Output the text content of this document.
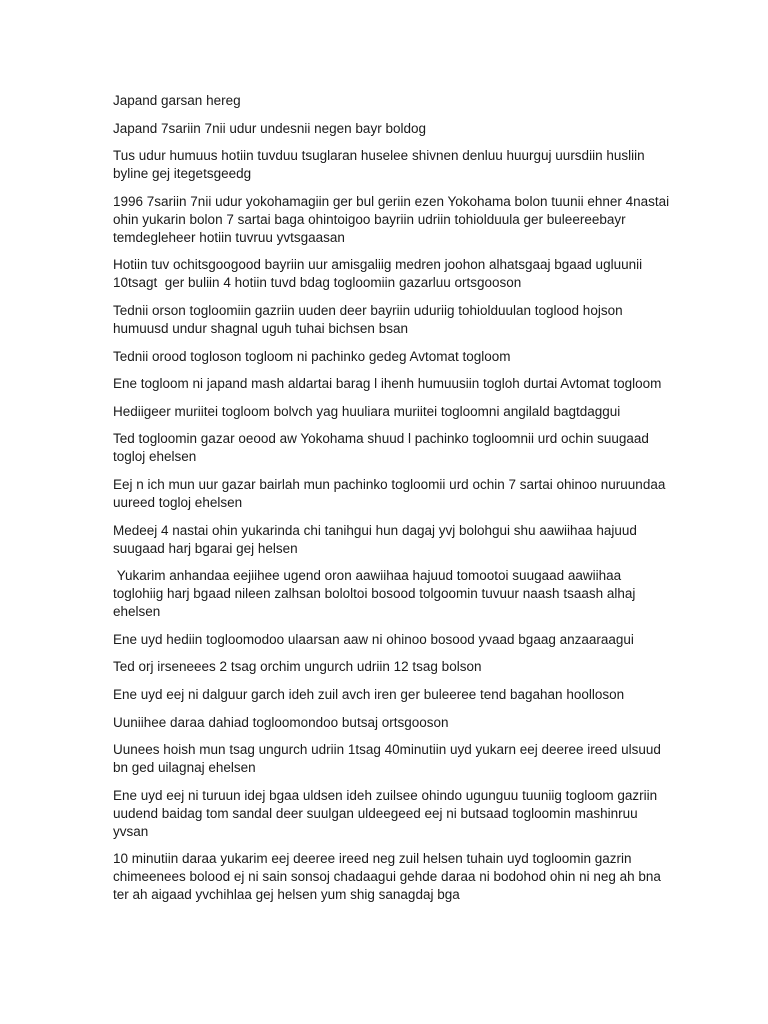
Japand garsan hereg

Japand 7sariin 7nii udur undesnii negen bayr boldog

Tus udur humuus hotiin tuvduu tsuglaran huselee shivnen denluu huurguj uursdiin husliin byline gej itegetsgeedg

1996 7sariin 7nii udur yokohamagiin ger bul geriin ezen Yokohama bolon tuunii ehner 4nastai ohin yukarin bolon 7 sartai baga ohintoigoo bayriin udriin tohiolduula ger buleereebayr temdegleheer hotiin tuvruu yvtsgaasan

Hotiin tuv ochitsgoogood bayriin uur amisgaliig medren joohon alhatsgaaj bgaad ugluunii 10tsagt  ger buliin 4 hotiin tuvd bdag togloomiin gazarluu ortsgooson

Tednii orson togloomiin gazriin uuden deer bayriin uduriig tohiolduulan toglood hojson humuusd undur shagnal uguh tuhai bichsen bsan

Tednii orood togloson togloom ni pachinko gedeg Avtomat togloom

Ene togloom ni japand mash aldartai barag l ihenh humuusiin togloh durtai Avtomat togloom

Hediigeer muriitei togloom bolvch yag huuliara muriitei togloomni angilald bagtdaggui

Ted togloomin gazar oeood aw Yokohama shuud l pachinko togloomnii urd ochin suugaad togloj ehelsen

Eej n ich mun uur gazar bairlah mun pachinko togloomii urd ochin 7 sartai ohinoo nuruundaa uureed togloj ehelsen

Medeej 4 nastai ohin yukarinda chi tanihgui hun dagaj yvj bolohgui shu aawiihaa hajuud suugaad harj bgarai gej helsen

Yukarim anhandaa eejiihee ugend oron aawiihaa hajuud tomootoi suugaad aawiihaa toglohiig harj bgaad nileen zalhsan bololtoi bosood tolgoomin tuvuur naash tsaash alhaj ehelsen

Ene uyd hediin togloomodoo ulaarsan aaw ni ohinoo bosood yvaad bgaag anzaaraagui

Ted orj irseneees 2 tsag orchim ungurch udriin 12 tsag bolson

Ene uyd eej ni dalguur garch ideh zuil avch iren ger buleeree tend bagahan hoolloson

Uuniihee daraa dahiad togloomondoo butsaj ortsgooson

Uunees hoish mun tsag ungurch udriin 1tsag 40minutiin uyd yukarn eej deeree ireed ulsuud bn ged uilagnaj ehelsen

Ene uyd eej ni turuun idej bgaa uldsen ideh zuilsee ohindo ugunguu tuuniig togloom gazriin uudend baidag tom sandal deer suulgan uldeegeed eej ni butsaad togloomin mashinruu yvsan

10 minutiin daraa yukarim eej deeree ireed neg zuil helsen tuhain uyd togloomin gazrin chimeenees bolood ej ni sain sonsoj chadaagui gehde daraa ni bodohod ohin ni neg ah bna ter ah aigaad yvchihlaa gej helsen yum shig sanagdaj bga
